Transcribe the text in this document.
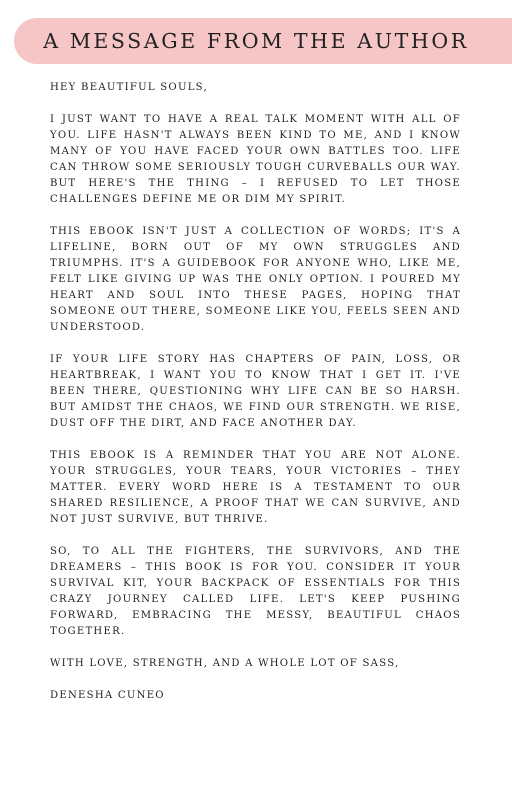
A MESSAGE FROM THE AUTHOR

HEY BEAUTIFUL SOULS,

I JUST WANT TO HAVE A REAL TALK MOMENT WITH ALL OF YOU. LIFE HASN'T ALWAYS BEEN KIND TO ME, AND I KNOW MANY OF YOU HAVE FACED YOUR OWN BATTLES TOO. LIFE CAN THROW SOME SERIOUSLY TOUGH CURVEBALLS OUR WAY. BUT HERE'S THE THING – I REFUSED TO LET THOSE CHALLENGES DEFINE ME OR DIM MY SPIRIT.

THIS EBOOK ISN'T JUST A COLLECTION OF WORDS; IT'S A LIFELINE, BORN OUT OF MY OWN STRUGGLES AND TRIUMPHS. IT'S A GUIDEBOOK FOR ANYONE WHO, LIKE ME, FELT LIKE GIVING UP WAS THE ONLY OPTION. I POURED MY HEART AND SOUL INTO THESE PAGES, HOPING THAT SOMEONE OUT THERE, SOMEONE LIKE YOU, FEELS SEEN AND UNDERSTOOD.

IF YOUR LIFE STORY HAS CHAPTERS OF PAIN, LOSS, OR HEARTBREAK, I WANT YOU TO KNOW THAT I GET IT. I'VE BEEN THERE, QUESTIONING WHY LIFE CAN BE SO HARSH. BUT AMIDST THE CHAOS, WE FIND OUR STRENGTH. WE RISE, DUST OFF THE DIRT, AND FACE ANOTHER DAY.

THIS EBOOK IS A REMINDER THAT YOU ARE NOT ALONE. YOUR STRUGGLES, YOUR TEARS, YOUR VICTORIES – THEY MATTER. EVERY WORD HERE IS A TESTAMENT TO OUR SHARED RESILIENCE, A PROOF THAT WE CAN SURVIVE, AND NOT JUST SURVIVE, BUT THRIVE.

SO, TO ALL THE FIGHTERS, THE SURVIVORS, AND THE DREAMERS – THIS BOOK IS FOR YOU. CONSIDER IT YOUR SURVIVAL KIT, YOUR BACKPACK OF ESSENTIALS FOR THIS CRAZY JOURNEY CALLED LIFE. LET'S KEEP PUSHING FORWARD, EMBRACING THE MESSY, BEAUTIFUL CHAOS TOGETHER.

WITH LOVE, STRENGTH, AND A WHOLE LOT OF SASS,

DENESHA CUNEO
